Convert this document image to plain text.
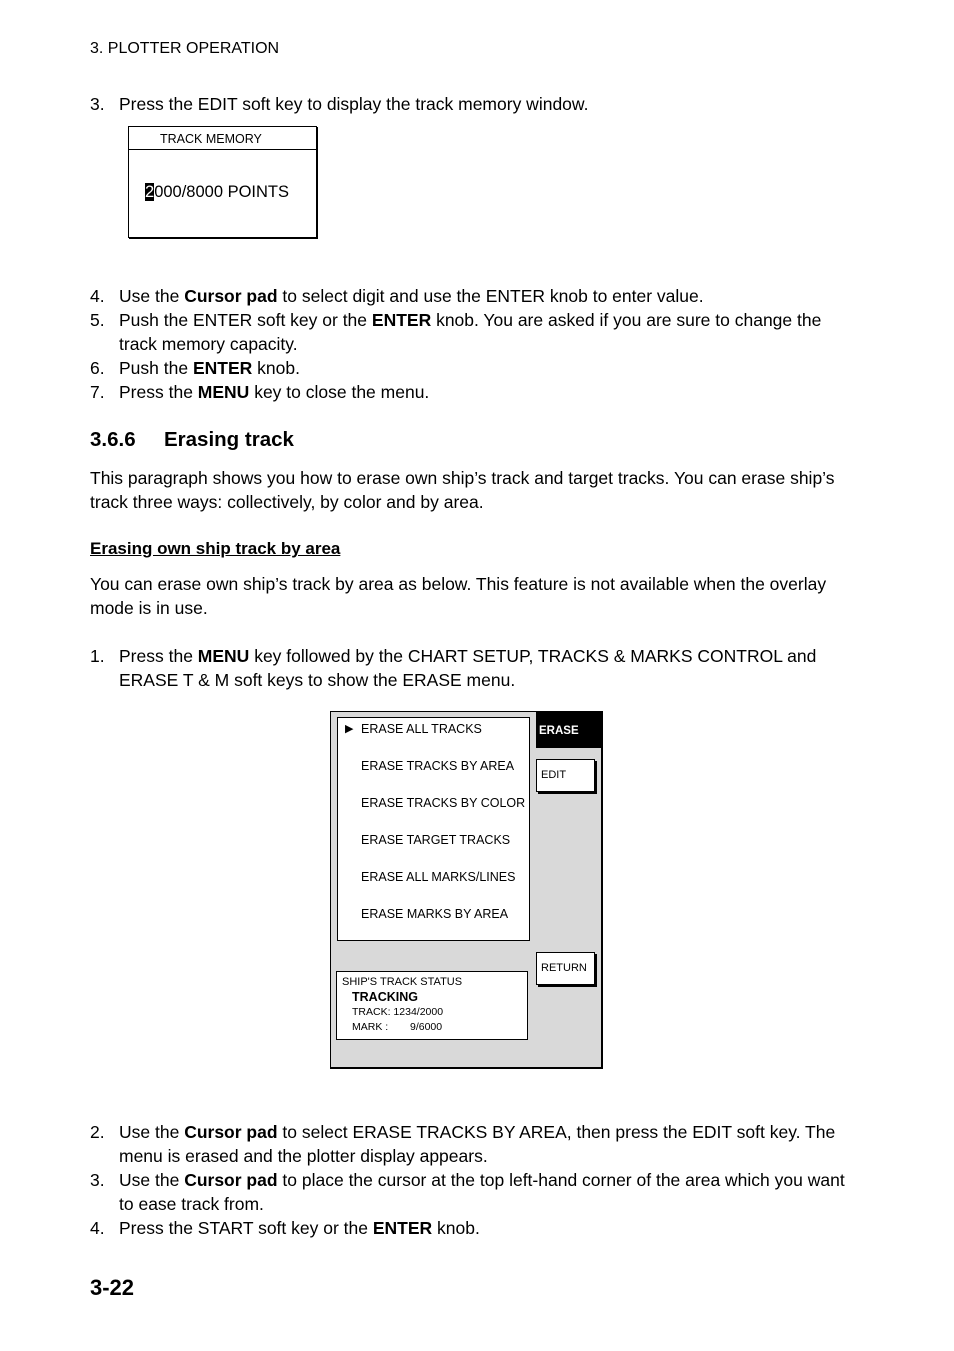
3. PLOTTER OPERATION
3. Press the EDIT soft key to display the track memory window.
TRACK MEMORY
2000/8000 POINTS
4. Use the Cursor pad to select digit and use the ENTER knob to enter value.
5. Push the ENTER soft key or the ENTER knob. You are asked if you are sure to change the track memory capacity.
6. Push the ENTER knob.
7. Press the MENU key to close the menu.
3.6.6 Erasing track
This paragraph shows you how to erase own ship’s track and target tracks. You can erase ship’s track three ways: collectively, by color and by area.
Erasing own ship track by area
You can erase own ship’s track by area as below. This feature is not available when the overlay mode is in use.
1. Press the MENU key followed by the CHART SETUP, TRACKS & MARKS CONTROL and ERASE T & M soft keys to show the ERASE menu.
▶ ERASE ALL TRACKS
ERASE TRACKS BY AREA
ERASE TRACKS BY COLOR
ERASE TARGET TRACKS
ERASE ALL MARKS/LINES
ERASE MARKS BY AREA
ERASE
EDIT
RETURN
SHIP'S TRACK STATUS
TRACKING
TRACK: 1234/2000
MARK : 9/6000
2. Use the Cursor pad to select ERASE TRACKS BY AREA, then press the EDIT soft key. The menu is erased and the plotter display appears.
3. Use the Cursor pad to place the cursor at the top left-hand corner of the area which you want to ease track from.
4. Press the START soft key or the ENTER knob.
3-22
